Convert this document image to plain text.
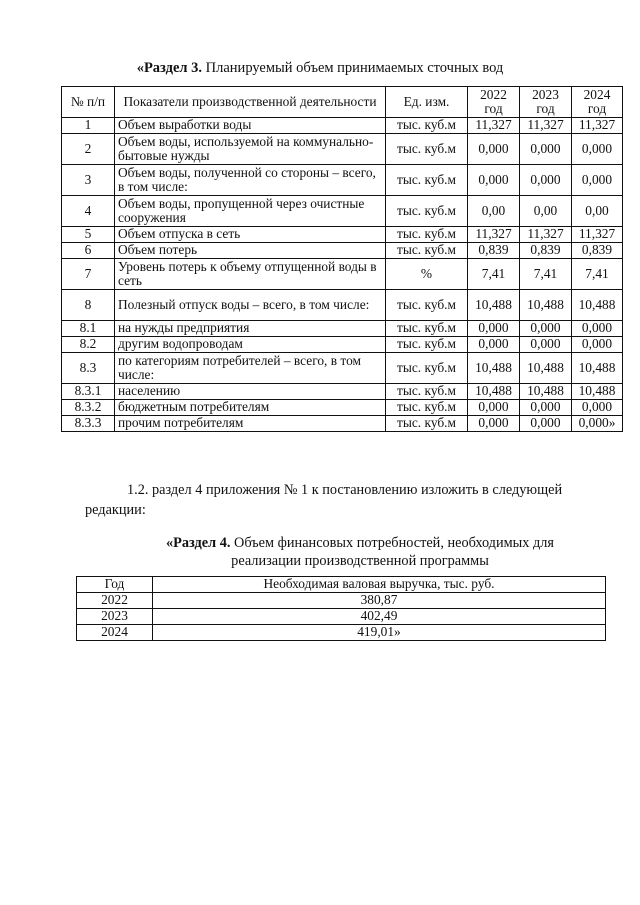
«Раздел 3. Планируемый объем принимаемых сточных вод
№ п/п	Показатели производственной деятельности	Ед. изм.	2022 год	2023 год	2024 год
1	Объем выработки воды	тыс. куб.м	11,327	11,327	11,327
2	Объем воды, используемой на коммунально-бытовые нужды	тыс. куб.м	0,000	0,000	0,000
3	Объем воды, полученной со стороны – всего, в том числе:	тыс. куб.м	0,000	0,000	0,000
4	Объем воды, пропущенной через очистные сооружения	тыс. куб.м	0,00	0,00	0,00
5	Объем отпуска в сеть	тыс. куб.м	11,327	11,327	11,327
6	Объем потерь	тыс. куб.м	0,839	0,839	0,839
7	Уровень потерь к объему отпущенной воды в сеть	%	7,41	7,41	7,41
8	Полезный отпуск воды – всего, в том числе:	тыс. куб.м	10,488	10,488	10,488
8.1	на нужды предприятия	тыс. куб.м	0,000	0,000	0,000
8.2	другим водопроводам	тыс. куб.м	0,000	0,000	0,000
8.3	по категориям потребителей – всего, в том числе:	тыс. куб.м	10,488	10,488	10,488
8.3.1	населению	тыс. куб.м	10,488	10,488	10,488
8.3.2	бюджетным потребителям	тыс. куб.м	0,000	0,000	0,000
8.3.3	прочим потребителям	тыс. куб.м	0,000	0,000	0,000»
1.2. раздел 4 приложения № 1 к постановлению изложить в следующей редакции:
«Раздел 4. Объем финансовых потребностей, необходимых для
реализации производственной программы
Год	Необходимая валовая выручка, тыс. руб.
2022	380,87
2023	402,49
2024	419,01»
